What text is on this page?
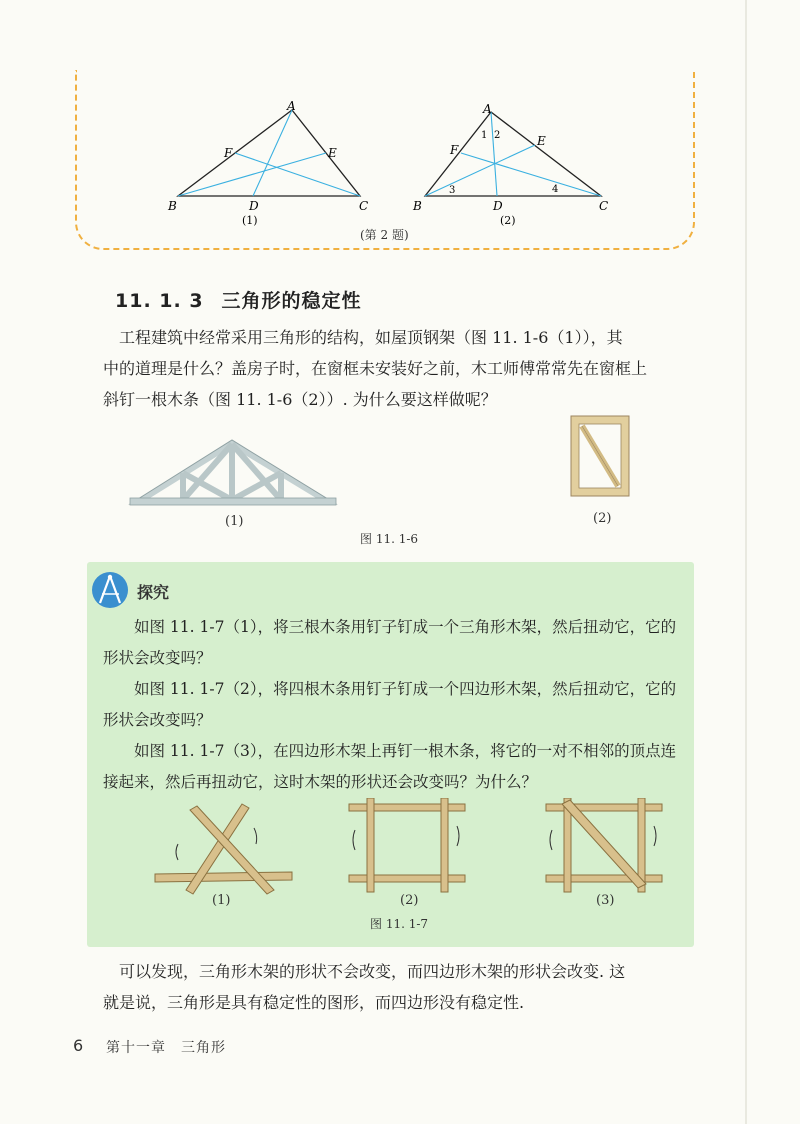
A
B	C
D
E
F
(1)
A
B	C
D
E
F
1 2
3	4
(2)
(第 2 题)
11. 1. 3 三角形的稳定性

工程建筑中经常采用三角形的结构，如屋顶钢架（图 11. 1-6（1）），其

中的道理是什么？盖房子时，在窗框未安装好之前，木工师傅常常先在窗框上

斜钉一根木条（图 11. 1-6（2））. 为什么要这样做呢？

(1)	(2)
图 11. 1-6
探究

如图 11. 1-7（1），将三根木条用钉子钉成一个三角形木架，然后扭动它，它的形状会改变吗？

如图 11. 1-7（2），将四根木条用钉子钉成一个四边形木架，然后扭动它，它的形状会改变吗？

如图 11. 1-7（3），在四边形木架上再钉一根木条，将它的一对不相邻的顶点连接起来，然后再扭动它，这时木架的形状还会改变吗？为什么？

(1)	(2)	(3)
图 11. 1-7

可以发现，三角形木架的形状不会改变，而四边形木架的形状会改变. 这

就是说，三角形是具有稳定性的图形，而四边形没有稳定性.

6 第十一章　三角形
